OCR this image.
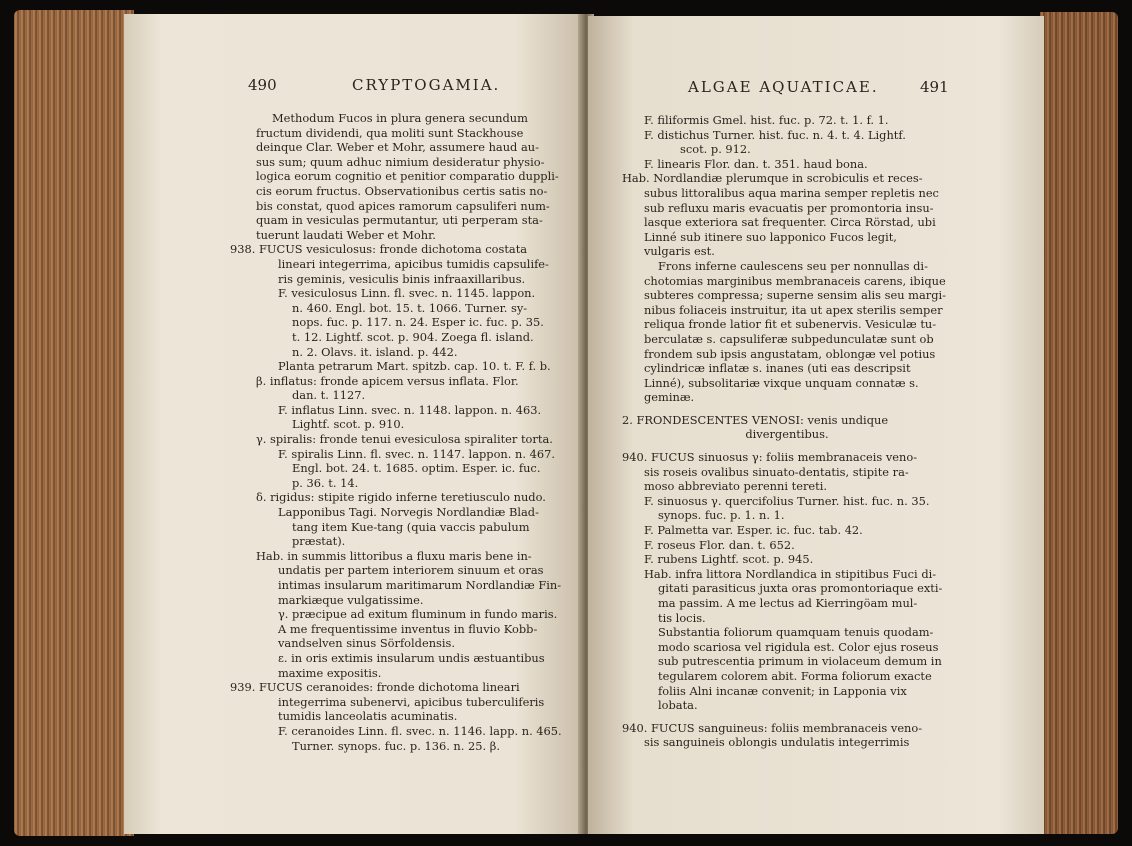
490	CRYPTOGAMIA.

Methodum Fucos in plura genera secundum

fructum dividendi, qua moliti sunt Stackhouse

deinque Clar. Weber et Mohr, assumere haud au-

sus sum; quum adhuc nimium desideratur physio-

logica eorum cognitio et penitior comparatio duppli-

cis eorum fructus. Observationibus certis satis no-

bis constat, quod apices ramorum capsuliferi num-

quam in vesiculas permutantur, uti perperam sta-

tuerunt laudati Weber et Mohr.

938. FUCUS vesiculosus: fronde dichotoma costata

lineari integerrima, apicibus tumidis capsulife-

ris geminis, vesiculis binis infraaxillaribus.

F. vesiculosus Linn. fl. svec. n. 1145. lappon.

n. 460. Engl. bot. 15. t. 1066. Turner. sy-

nops. fuc. p. 117. n. 24. Esper ic. fuc. p. 35.

t. 12. Lightf. scot. p. 904. Zoega fl. island.

n. 2. Olavs. it. island. p. 442.

Planta petrarum Mart. spitzb. cap. 10. t. F. f. b.

β. inflatus: fronde apicem versus inflata. Flor.

dan. t. 1127.

F. inflatus Linn. svec. n. 1148. lappon. n. 463.

Lightf. scot. p. 910.

γ. spiralis: fronde tenui evesiculosa spiraliter torta.

F. spiralis Linn. fl. svec. n. 1147. lappon. n. 467.

Engl. bot. 24. t. 1685. optim. Esper. ic. fuc.

p. 36. t. 14.

δ. rigidus: stipite rigido inferne teretiusculo nudo.

Lapponibus Tagi. Norvegis Nordlandiæ Blad-

tang item Kue-tang (quia vaccis pabulum

præstat).

Hab. in summis littoribus a fluxu maris bene in-

undatis per partem interiorem sinuum et oras

intimas insularum maritimarum Nordlandiæ Fin-

markiæque vulgatissime.

γ. præcipue ad exitum fluminum in fundo maris.

A me frequentissime inventus in fluvio Kobb-

vandselven sinus Sörfoldensis.

ε. in oris extimis insularum undis æstuantibus

maxime expositis.

939. FUCUS ceranoides: fronde dichotoma lineari

integerrima subenervi, apicibus tuberculiferis

tumidis lanceolatis acuminatis.

F. ceranoides Linn. fl. svec. n. 1146. lapp. n. 465.

Turner. synops. fuc. p. 136. n. 25. β.

ALGAE AQUATICAE.	491

F. filiformis Gmel. hist. fuc. p. 72. t. 1. f. 1.

F. distichus Turner. hist. fuc. n. 4. t. 4. Lightf.

scot. p. 912.

F. linearis Flor. dan. t. 351. haud bona.

Hab. Nordlandiæ plerumque in scrobiculis et reces-

subus littoralibus aqua marina semper repletis nec

sub refluxu maris evacuatis per promontoria insu-

lasque exteriora sat frequenter. Circa Rörstad, ubi

Linné sub itinere suo lapponico Fucos legit,

vulgaris est.

Frons inferne caulescens seu per nonnullas di-

chotomias marginibus membranaceis carens, ibique

subteres compressa; superne sensim alis seu margi-

nibus foliaceis instruitur, ita ut apex sterilis semper

reliqua fronde latior fit et subenervis. Vesiculæ tu-

berculatæ s. capsuliferæ subpedunculatæ sunt ob

frondem sub ipsis angustatam, oblongæ vel potius

cylindricæ inflatæ s. inanes (uti eas descripsit

Linné), subsolitariæ vixque unquam connatæ s.

geminæ.

2. FRONDESCENTES VENOSI: venis undique

divergentibus.

940. FUCUS sinuosus γ: foliis membranaceis veno-

sis roseis ovalibus sinuato-dentatis, stipite ra-

moso abbreviato perenni tereti.

F. sinuosus γ. quercifolius Turner. hist. fuc. n. 35.

synops. fuc. p. 1. n. 1.

F. Palmetta var. Esper. ic. fuc. tab. 42.

F. roseus Flor. dan. t. 652.

F. rubens Lightf. scot. p. 945.

Hab. infra littora Nordlandica in stipitibus Fuci di-

gitati parasiticus juxta oras promontoriaque exti-

ma passim. A me lectus ad Kierringöam mul-

tis locis.

Substantia foliorum quamquam tenuis quodam-

modo scariosa vel rigidula est. Color ejus roseus

sub putrescentia primum in violaceum demum in

tegularem colorem abit. Forma foliorum exacte

foliis Alni incanæ convenit; in Lapponia vix

lobata.

940. FUCUS sanguineus: foliis membranaceis veno-

sis sanguineis oblongis undulatis integerrimis
